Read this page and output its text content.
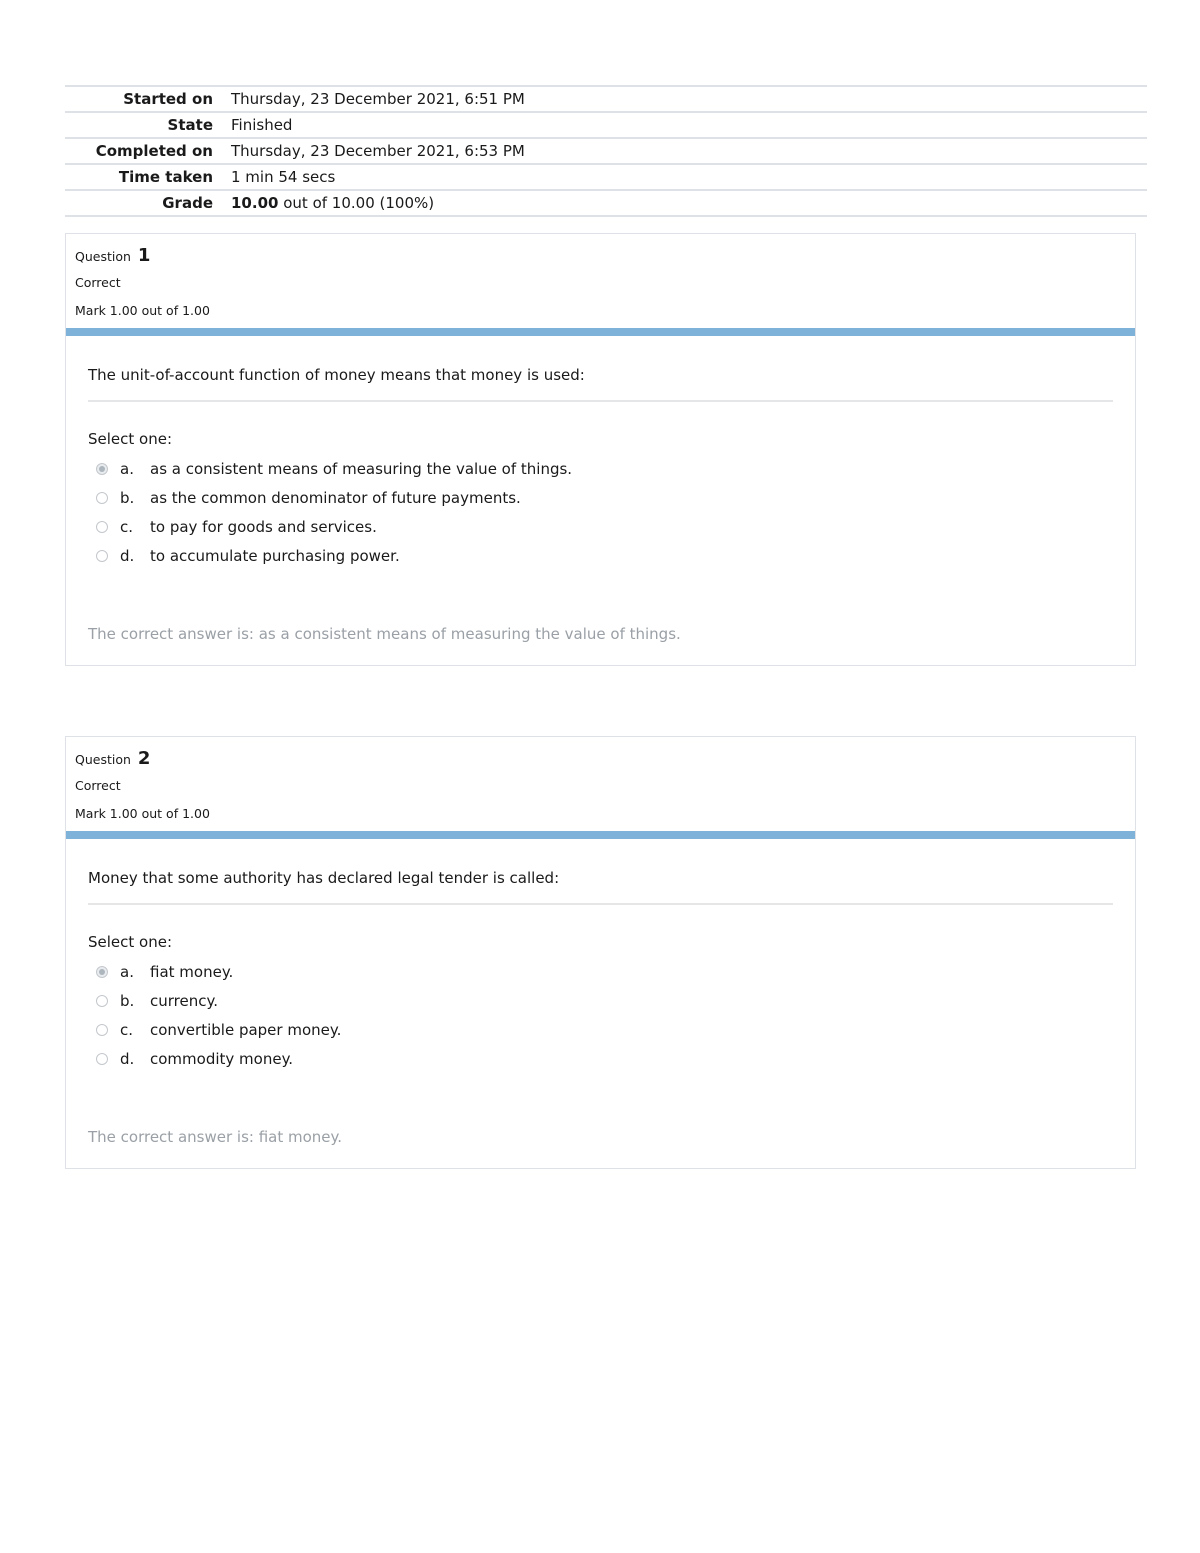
Started on	Thursday, 23 December 2021, 6:51 PM
State	Finished
Completed on	Thursday, 23 December 2021, 6:53 PM
Time taken	1 min 54 secs
Grade	10.00 out of 10.00 (100%)
Question 1
Correct
Mark 1.00 out of 1.00
The unit-of-account function of money means that money is used:
Select one:
a.	as a consistent means of measuring the value of things.
b.	as the common denominator of future payments.
c.	to pay for goods and services.
d.	to accumulate purchasing power.
The correct answer is: as a consistent means of measuring the value of things.
Question 2
Correct
Mark 1.00 out of 1.00
Money that some authority has declared legal tender is called:
Select one:
a.	fiat money.
b.	currency.
c.	convertible paper money.
d.	commodity money.
The correct answer is: fiat money.
